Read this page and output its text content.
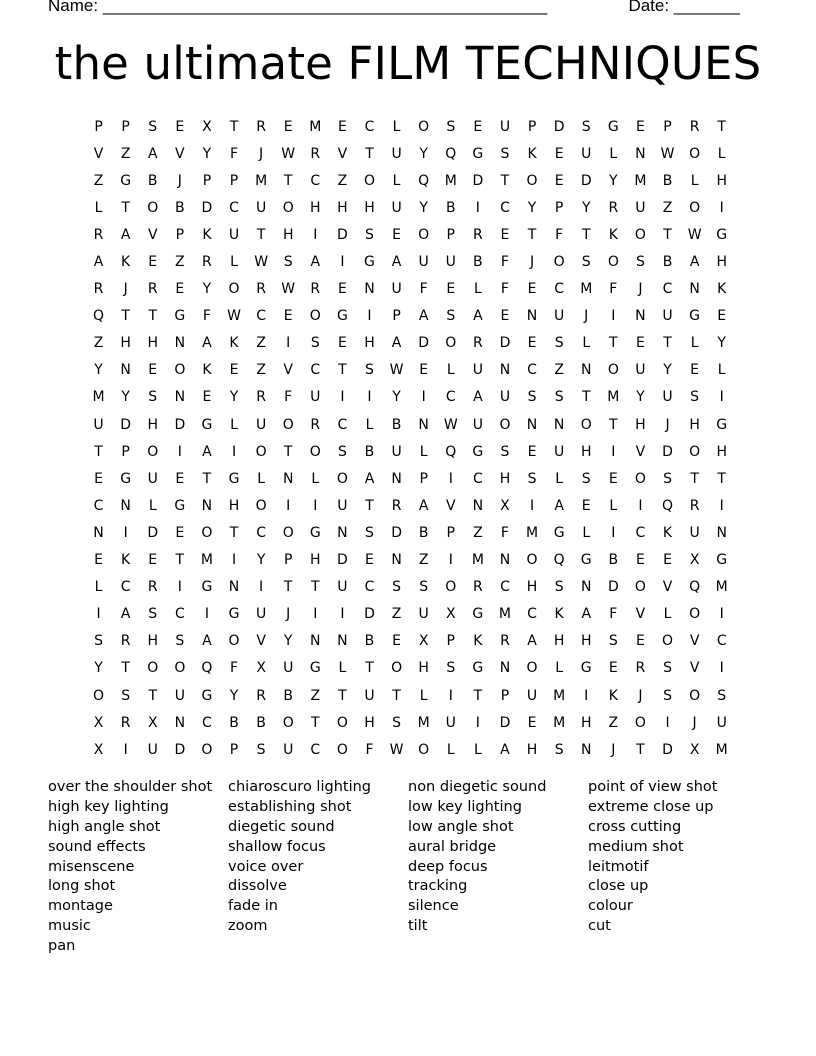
Name: _______________________________________________	Date: _______
the ultimate FILM TECHNIQUES
P	P	S	E	X	T	R	E	M	E	C	L	O	S	E	U	P	D	S	G	E	P	R	T
V	Z	A	V	Y	F	J	W	R	V	T	U	Y	Q	G	S	K	E	U	L	N	W	O	L
Z	G	B	J	P	P	M	T	C	Z	O	L	Q	M	D	T	O	E	D	Y	M	B	L	H
L	T	O	B	D	C	U	O	H	H	H	U	Y	B	I	C	Y	P	Y	R	U	Z	O	I
R	A	V	P	K	U	T	H	I	D	S	E	O	P	R	E	T	F	T	K	O	T	W	G
A	K	E	Z	R	L	W	S	A	I	G	A	U	U	B	F	J	O	S	O	S	B	A	H
R	J	R	E	Y	O	R	W	R	E	N	U	F	E	L	F	E	C	M	F	J	C	N	K
Q	T	T	G	F	W	C	E	O	G	I	P	A	S	A	E	N	U	J	I	N	U	G	E
Z	H	H	N	A	K	Z	I	S	E	H	A	D	O	R	D	E	S	L	T	E	T	L	Y
Y	N	E	O	K	E	Z	V	C	T	S	W	E	L	U	N	C	Z	N	O	U	Y	E	L
M	Y	S	N	E	Y	R	F	U	I	I	Y	I	C	A	U	S	S	T	M	Y	U	S	I
U	D	H	D	G	L	U	O	R	C	L	B	N	W	U	O	N	N	O	T	H	J	H	G
T	P	O	I	A	I	O	T	O	S	B	U	L	Q	G	S	E	U	H	I	V	D	O	H
E	G	U	E	T	G	L	N	L	O	A	N	P	I	C	H	S	L	S	E	O	S	T	T
C	N	L	G	N	H	O	I	I	U	T	R	A	V	N	X	I	A	E	L	I	Q	R	I
N	I	D	E	O	T	C	O	G	N	S	D	B	P	Z	F	M	G	L	I	C	K	U	N
E	K	E	T	M	I	Y	P	H	D	E	N	Z	I	M	N	O	Q	G	B	E	E	X	G
L	C	R	I	G	N	I	T	T	U	C	S	S	O	R	C	H	S	N	D	O	V	Q	M
I	A	S	C	I	G	U	J	I	I	D	Z	U	X	G	M	C	K	A	F	V	L	O	I
S	R	H	S	A	O	V	Y	N	N	B	E	X	P	K	R	A	H	H	S	E	O	V	C
Y	T	O	O	Q	F	X	U	G	L	T	O	H	S	G	N	O	L	G	E	R	S	V	I
O	S	T	U	G	Y	R	B	Z	T	U	T	L	I	T	P	U	M	I	K	J	S	O	S
X	R	X	N	C	B	B	O	T	O	H	S	M	U	I	D	E	M	H	Z	O	I	J	U
X	I	U	D	O	P	S	U	C	O	F	W	O	L	L	A	H	S	N	J	T	D	X	M
over the shoulder shot
high key lighting
high angle shot
sound effects
misenscene
long shot
montage
music
pan
chiaroscuro lighting
establishing shot
diegetic sound
shallow focus
voice over
dissolve
fade in
zoom
non diegetic sound
low key lighting
low angle shot
aural bridge
deep focus
tracking
silence
tilt
point of view shot
extreme close up
cross cutting
medium shot
leitmotif
close up
colour
cut
